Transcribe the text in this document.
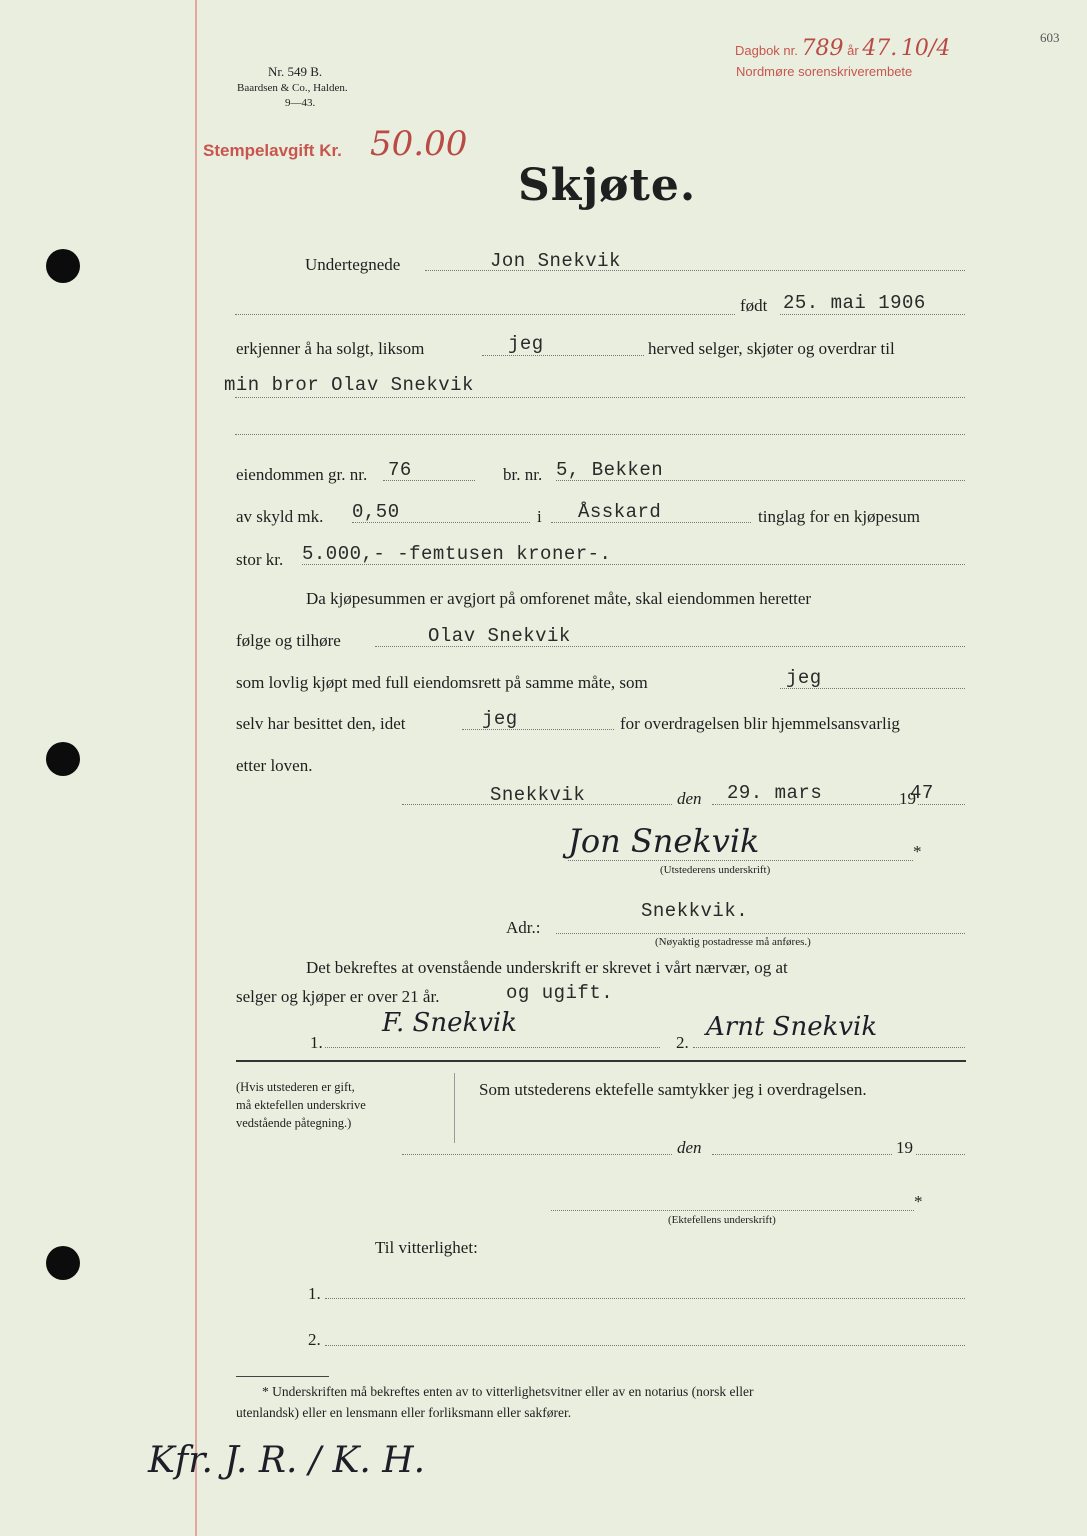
Nr. 549 B.
Baardsen & Co., Halden.
9—43.
Dagbok nr. 789 år 47. 10/4	603
Nordmøre sorenskriverembete
Stempelavgift Kr. 50.00
Skjøte.
Undertegnede	Jon Snekvik
født 25. mai 1906
erkjenner å ha solgt, liksom	jeg	herved selger, skjøter og overdrar til
min bror Olav Snekvik
eiendommen gr. nr. 76	br. nr. 5, Bekken
av skyld mk. 0,50	i Åsskard	tinglag for en kjøpesum
stor kr. 5.000,- -femtusen kroner-.
Da kjøpesummen er avgjort på omforenet måte, skal eiendommen heretter
følge og tilhøre	Olav Snekvik
som lovlig kjøpt med full eiendomsrett på samme måte, som	jeg
selv har besittet den, idet	jeg	for overdragelsen blir hjemmelsansvarlig
etter loven.
Snekkvik	den 29. mars	19
47
Jon Snekvik	*
(Utstederens underskrift)
Adr.:
Snekkvik.
(Nøyaktig postadresse må anføres.)
Det bekreftes at ovenstående underskrift er skrevet i vårt nærvær, og at
selger og kjøper er over 21 år.	og ugift.
1.
F. Snekvik
2.
Arnt Snekvik
(Hvis utstederen er gift,
må ektefellen underskrive
vedstående påtegning.)
Som utstederens ektefelle samtykker jeg i overdragelsen.
den	19
*
(Ektefellens underskrift)
Til vitterlighet:
1.
2.
* Underskriften må bekreftes enten av to vitterlighetsvitner eller av en notarius (norsk eller
utenlandsk) eller en lensmann eller forliksmann eller sakfører.
Kfr. J. R. / K. H.
